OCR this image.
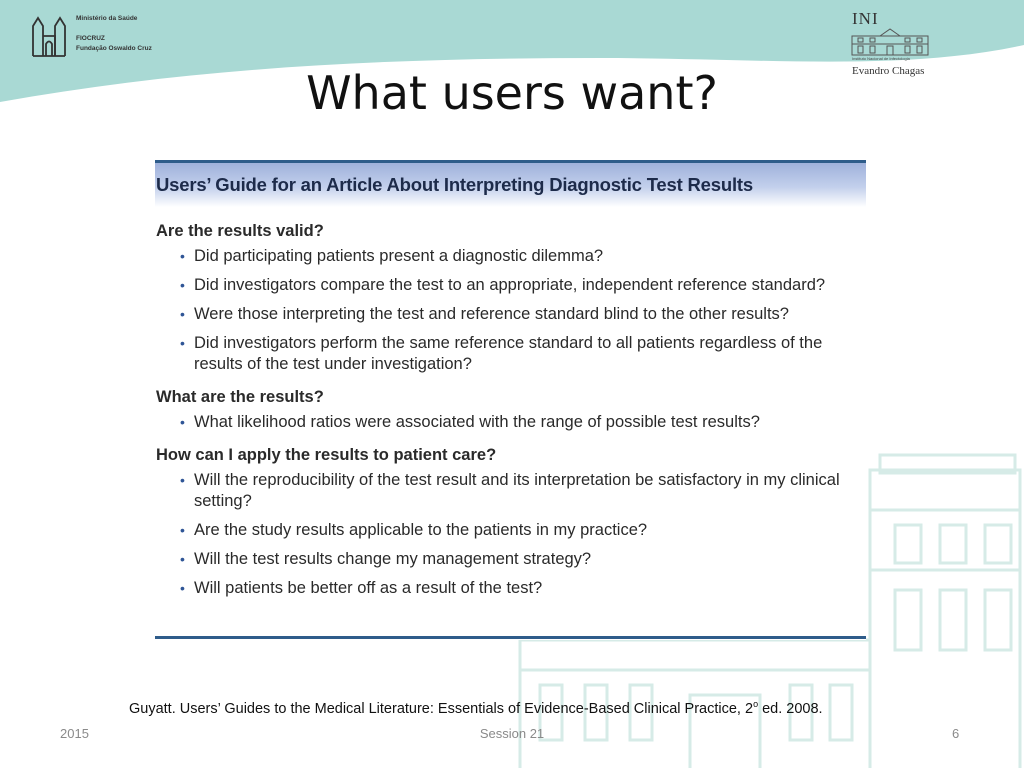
Ministério da Saúde
FIOCRUZ
Fundação Oswaldo Cruz
INI
Instituto Nacional de Infectologia
Evandro Chagas
What users want?
Users’ Guide for an Article About Interpreting Diagnostic Test Results
Are the results valid?
• Did participating patients present a diagnostic dilemma?
• Did investigators compare the test to an appropriate, independent reference standard?
• Were those interpreting the test and reference standard blind to the other results?
• Did investigators perform the same reference standard to all patients regardless of the results of the test under investigation?
What are the results?
• What likelihood ratios were associated with the range of possible test results?
How can I apply the results to patient care?
• Will the reproducibility of the test result and its interpretation be satisfactory in my clinical setting?
• Are the study results applicable to the patients in my practice?
• Will the test results change my management strategy?
• Will patients be better off as a result of the test?
Guyatt. Users’ Guides to the Medical Literature: Essentials of Evidence-Based Clinical Practice, 2$^o$ ed. 2008.
2015	Session 21	6
